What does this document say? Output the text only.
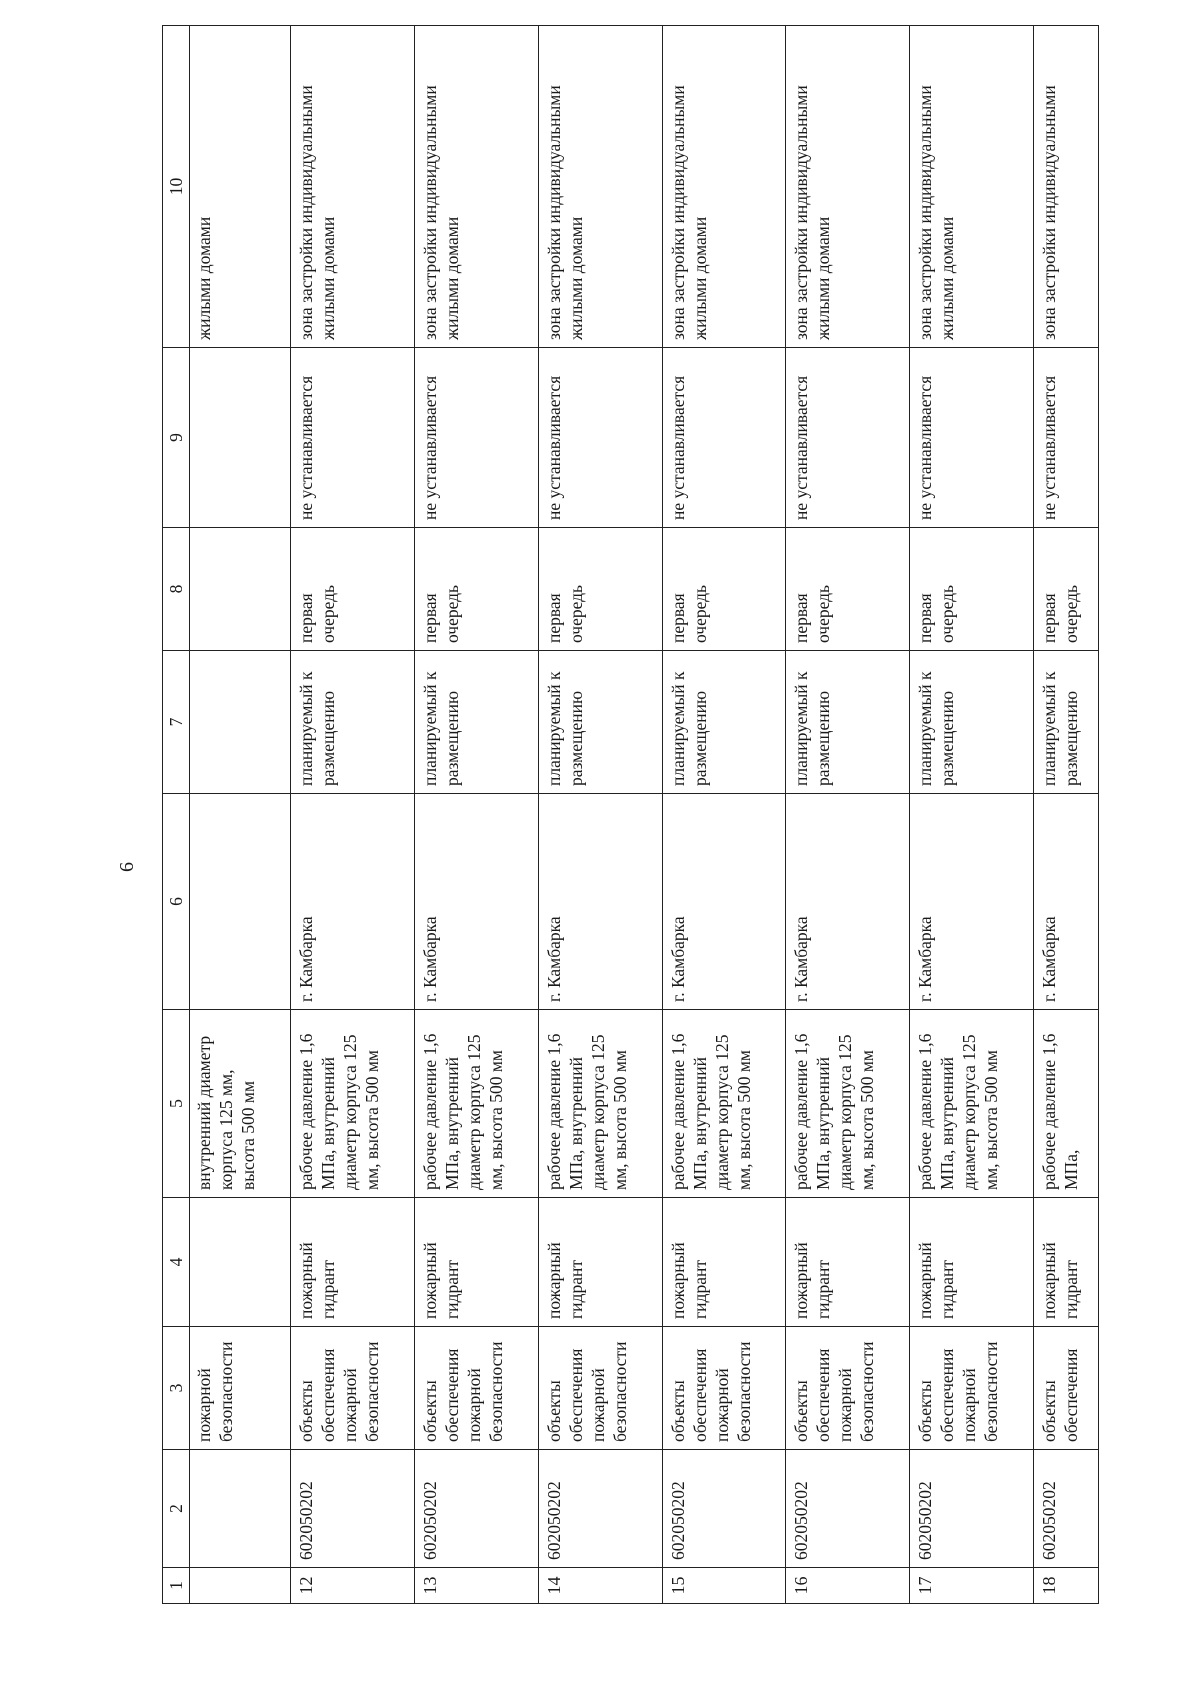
6
1	2	3	4	5	6	7	8	9	10
		пожарной безопасности		внутренний диаметр корпуса 125 мм, высота 500 мм					жилыми домами
12	602050202	объекты обеспечения пожарной безопасности	пожарный гидрант	рабочее давление 1,6 МПа, внутренний диаметр корпуса 125 мм, высота 500 мм	г. Камбарка	планируемый к размещению	первая очередь	не устанавливается	зона застройки индивидуальными жилыми домами
13	602050202	объекты обеспечения пожарной безопасности	пожарный гидрант	рабочее давление 1,6 МПа, внутренний диаметр корпуса 125 мм, высота 500 мм	г. Камбарка	планируемый к размещению	первая очередь	не устанавливается	зона застройки индивидуальными жилыми домами
14	602050202	объекты обеспечения пожарной безопасности	пожарный гидрант	рабочее давление 1,6 МПа, внутренний диаметр корпуса 125 мм, высота 500 мм	г. Камбарка	планируемый к размещению	первая очередь	не устанавливается	зона застройки индивидуальными жилыми домами
15	602050202	объекты обеспечения пожарной безопасности	пожарный гидрант	рабочее давление 1,6 МПа, внутренний диаметр корпуса 125 мм, высота 500 мм	г. Камбарка	планируемый к размещению	первая очередь	не устанавливается	зона застройки индивидуальными жилыми домами
16	602050202	объекты обеспечения пожарной безопасности	пожарный гидрант	рабочее давление 1,6 МПа, внутренний диаметр корпуса 125 мм, высота 500 мм	г. Камбарка	планируемый к размещению	первая очередь	не устанавливается	зона застройки индивидуальными жилыми домами
17	602050202	объекты обеспечения пожарной безопасности	пожарный гидрант	рабочее давление 1,6 МПа, внутренний диаметр корпуса 125 мм, высота 500 мм	г. Камбарка	планируемый к размещению	первая очередь	не устанавливается	зона застройки индивидуальными жилыми домами
18	602050202	объекты обеспечения	пожарный гидрант	рабочее давление 1,6 МПа,	г. Камбарка	планируемый к размещению	первая очередь	не устанавливается	зона застройки индивидуальными
